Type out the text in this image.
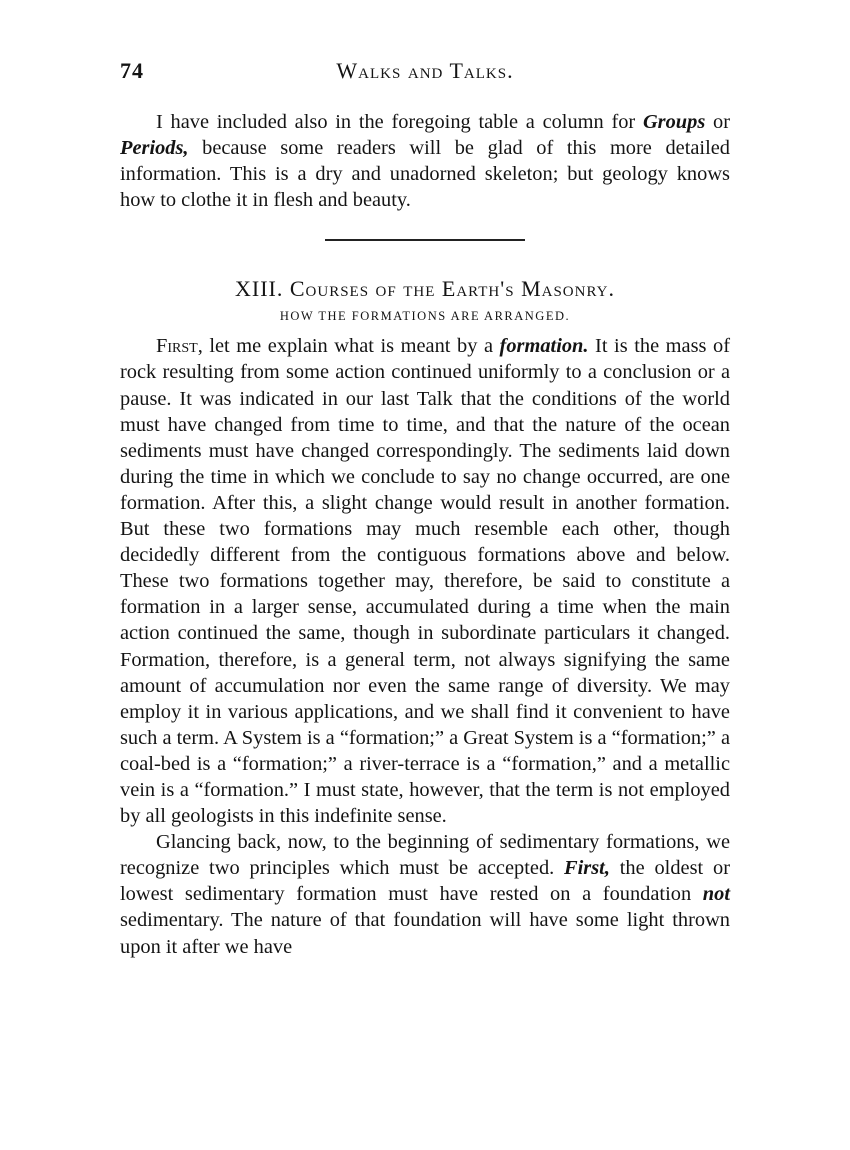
74	Walks and Talks.

I have included also in the foregoing table a column for Groups or Periods, because some readers will be glad of this more detailed information. This is a dry and unadorned skeleton; but geology knows how to clothe it in flesh and beauty.

XIII. Courses of the Earth's Masonry.
HOW THE FORMATIONS ARE ARRANGED.

First, let me explain what is meant by a formation. It is the mass of rock resulting from some action continued uniformly to a conclusion or a pause. It was indicated in our last Talk that the conditions of the world must have changed from time to time, and that the nature of the ocean sediments must have changed correspondingly. The sediments laid down during the time in which we conclude to say no change occurred, are one formation. After this, a slight change would result in another formation. But these two formations may much resemble each other, though decidedly different from the contiguous formations above and below. These two formations together may, therefore, be said to constitute a formation in a larger sense, accumulated during a time when the main action continued the same, though in subordinate particulars it changed. Formation, therefore, is a general term, not always signifying the same amount of accumulation nor even the same range of diversity. We may employ it in various applications, and we shall find it convenient to have such a term. A System is a “formation;” a Great System is a “formation;” a coal-bed is a “formation;” a river-terrace is a “formation,” and a metallic vein is a “formation.” I must state, however, that the term is not employed by all geologists in this indefinite sense.

Glancing back, now, to the beginning of sedimentary formations, we recognize two principles which must be accepted. First, the oldest or lowest sedimentary formation must have rested on a foundation not sedimentary. The nature of that foundation will have some light thrown upon it after we have
